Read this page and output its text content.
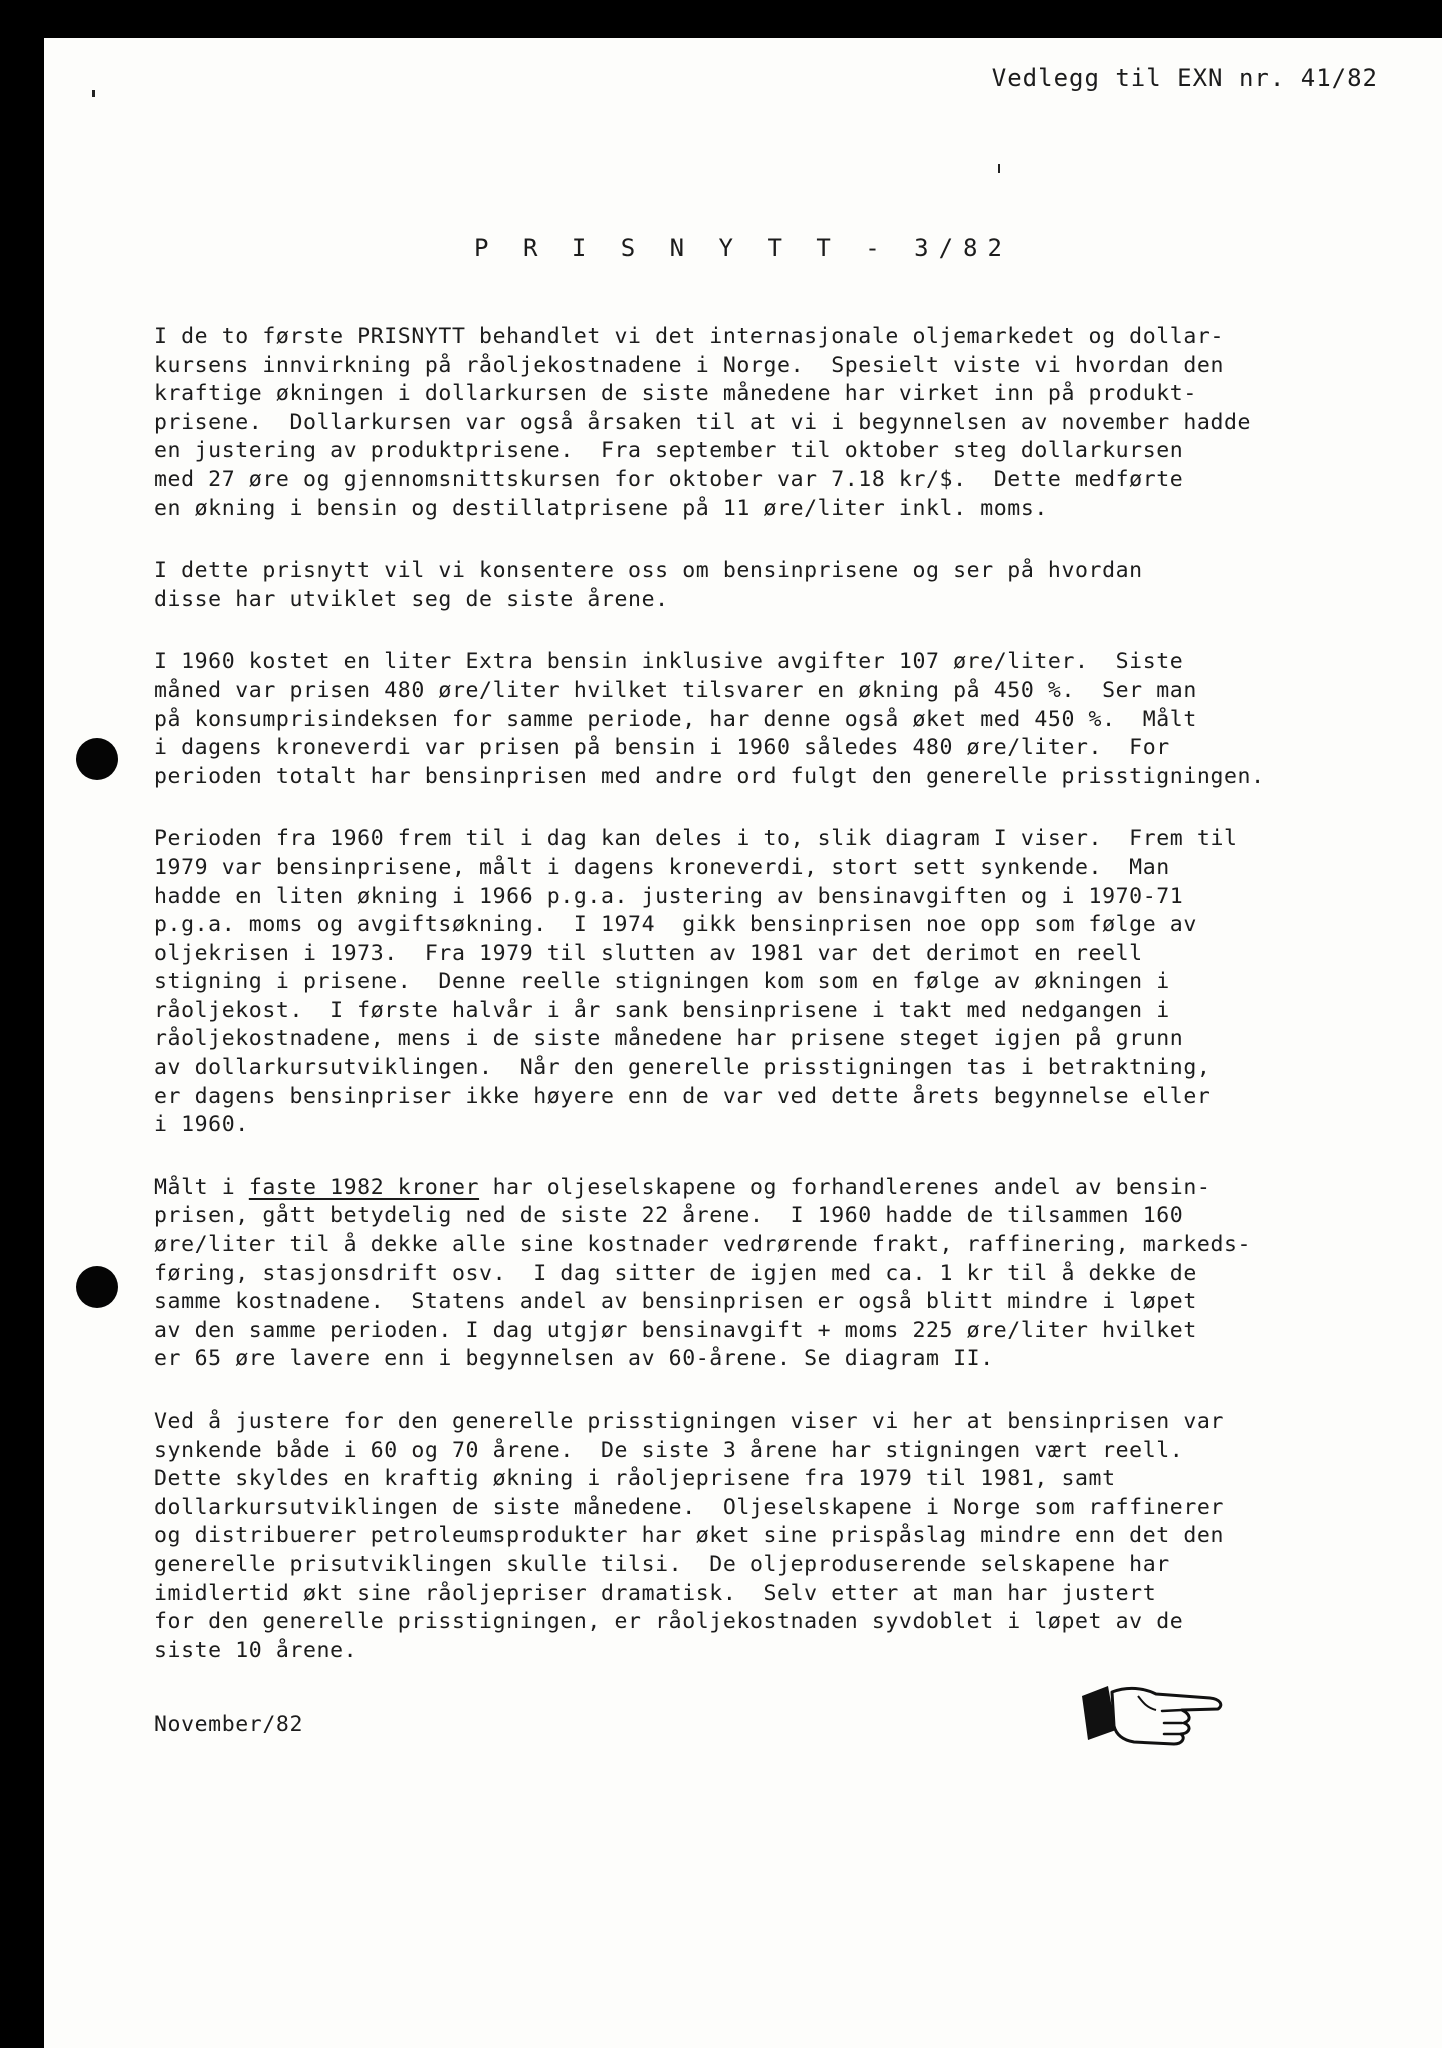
Vedlegg til EXN nr. 41/82
P R I S N Y T T - 3/82
I de to første PRISNYTT behandlet vi det internasjonale oljemarkedet og dollar-
kursens innvirkning på råoljekostnadene i Norge.  Spesielt viste vi hvordan den
kraftige økningen i dollarkursen de siste månedene har virket inn på produkt-
prisene.  Dollarkursen var også årsaken til at vi i begynnelsen av november hadde
en justering av produktprisene.  Fra september til oktober steg dollarkursen
med 27 øre og gjennomsnittskursen for oktober var 7.18 kr/$.  Dette medførte
en økning i bensin og destillatprisene på 11 øre/liter inkl. moms.
I dette prisnytt vil vi konsentere oss om bensinprisene og ser på hvordan
disse har utviklet seg de siste årene.
I 1960 kostet en liter Extra bensin inklusive avgifter 107 øre/liter.  Siste
måned var prisen 480 øre/liter hvilket tilsvarer en økning på 450 %.  Ser man
på konsumprisindeksen for samme periode, har denne også øket med 450 %.  Målt
i dagens kroneverdi var prisen på bensin i 1960 således 480 øre/liter.  For
perioden totalt har bensinprisen med andre ord fulgt den generelle prisstigningen.
Perioden fra 1960 frem til i dag kan deles i to, slik diagram I viser.  Frem til
1979 var bensinprisene, målt i dagens kroneverdi, stort sett synkende.  Man
hadde en liten økning i 1966 p.g.a. justering av bensinavgiften og i 1970-71
p.g.a. moms og avgiftsøkning.  I 1974  gikk bensinprisen noe opp som følge av
oljekrisen i 1973.  Fra 1979 til slutten av 1981 var det derimot en reell
stigning i prisene.  Denne reelle stigningen kom som en følge av økningen i
råoljekost.  I første halvår i år sank bensinprisene i takt med nedgangen i
råoljekostnadene, mens i de siste månedene har prisene steget igjen på grunn
av dollarkursutviklingen.  Når den generelle prisstigningen tas i betraktning,
er dagens bensinpriser ikke høyere enn de var ved dette årets begynnelse eller
i 1960.
Målt i faste 1982 kroner har oljeselskapene og forhandlerenes andel av bensin-
prisen, gått betydelig ned de siste 22 årene.  I 1960 hadde de tilsammen 160
øre/liter til å dekke alle sine kostnader vedrørende frakt, raffinering, markeds-
føring, stasjonsdrift osv.  I dag sitter de igjen med ca. 1 kr til å dekke de
samme kostnadene.  Statens andel av bensinprisen er også blitt mindre i løpet
av den samme perioden. I dag utgjør bensinavgift + moms 225 øre/liter hvilket
er 65 øre lavere enn i begynnelsen av 60-årene. Se diagram II.
Ved å justere for den generelle prisstigningen viser vi her at bensinprisen var
synkende både i 60 og 70 årene.  De siste 3 årene har stigningen vært reell.
Dette skyldes en kraftig økning i råoljeprisene fra 1979 til 1981, samt
dollarkursutviklingen de siste månedene.  Oljeselskapene i Norge som raffinerer
og distribuerer petroleumsprodukter har øket sine prispåslag mindre enn det den
generelle prisutviklingen skulle tilsi.  De oljeproduserende selskapene har
imidlertid økt sine råoljepriser dramatisk.  Selv etter at man har justert
for den generelle prisstigningen, er råoljekostnaden syvdoblet i løpet av de
siste 10 årene.
November/82
